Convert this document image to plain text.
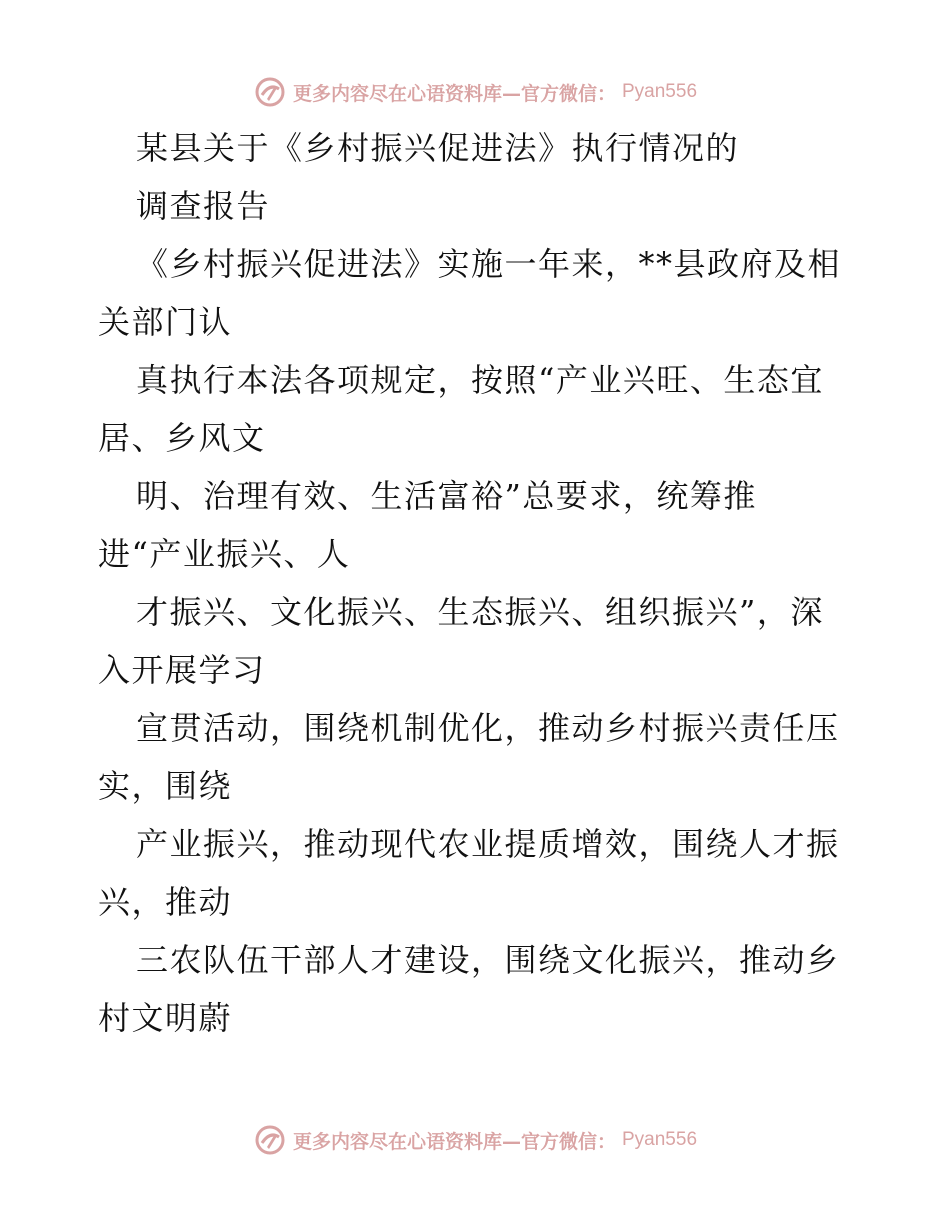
更多内容尽在心语资料库—官方微信： Pyan556
某县关于《乡村振兴促进法》执行情况的
调查报告
《乡村振兴促进法》实施一年来，**县政府及相
关部门认
真执行本法各项规定，按照“产业兴旺、生态宜
居、乡风文
明、治理有效、生活富裕”总要求，统筹推
进“产业振兴、人
才振兴、文化振兴、生态振兴、组织振兴”，深
入开展学习
宣贯活动，围绕机制优化，推动乡村振兴责任压
实，围绕
产业振兴，推动现代农业提质增效，围绕人才振
兴，推动
三农队伍干部人才建设，围绕文化振兴，推动乡
村文明蔚
更多内容尽在心语资料库—官方微信： Pyan556
